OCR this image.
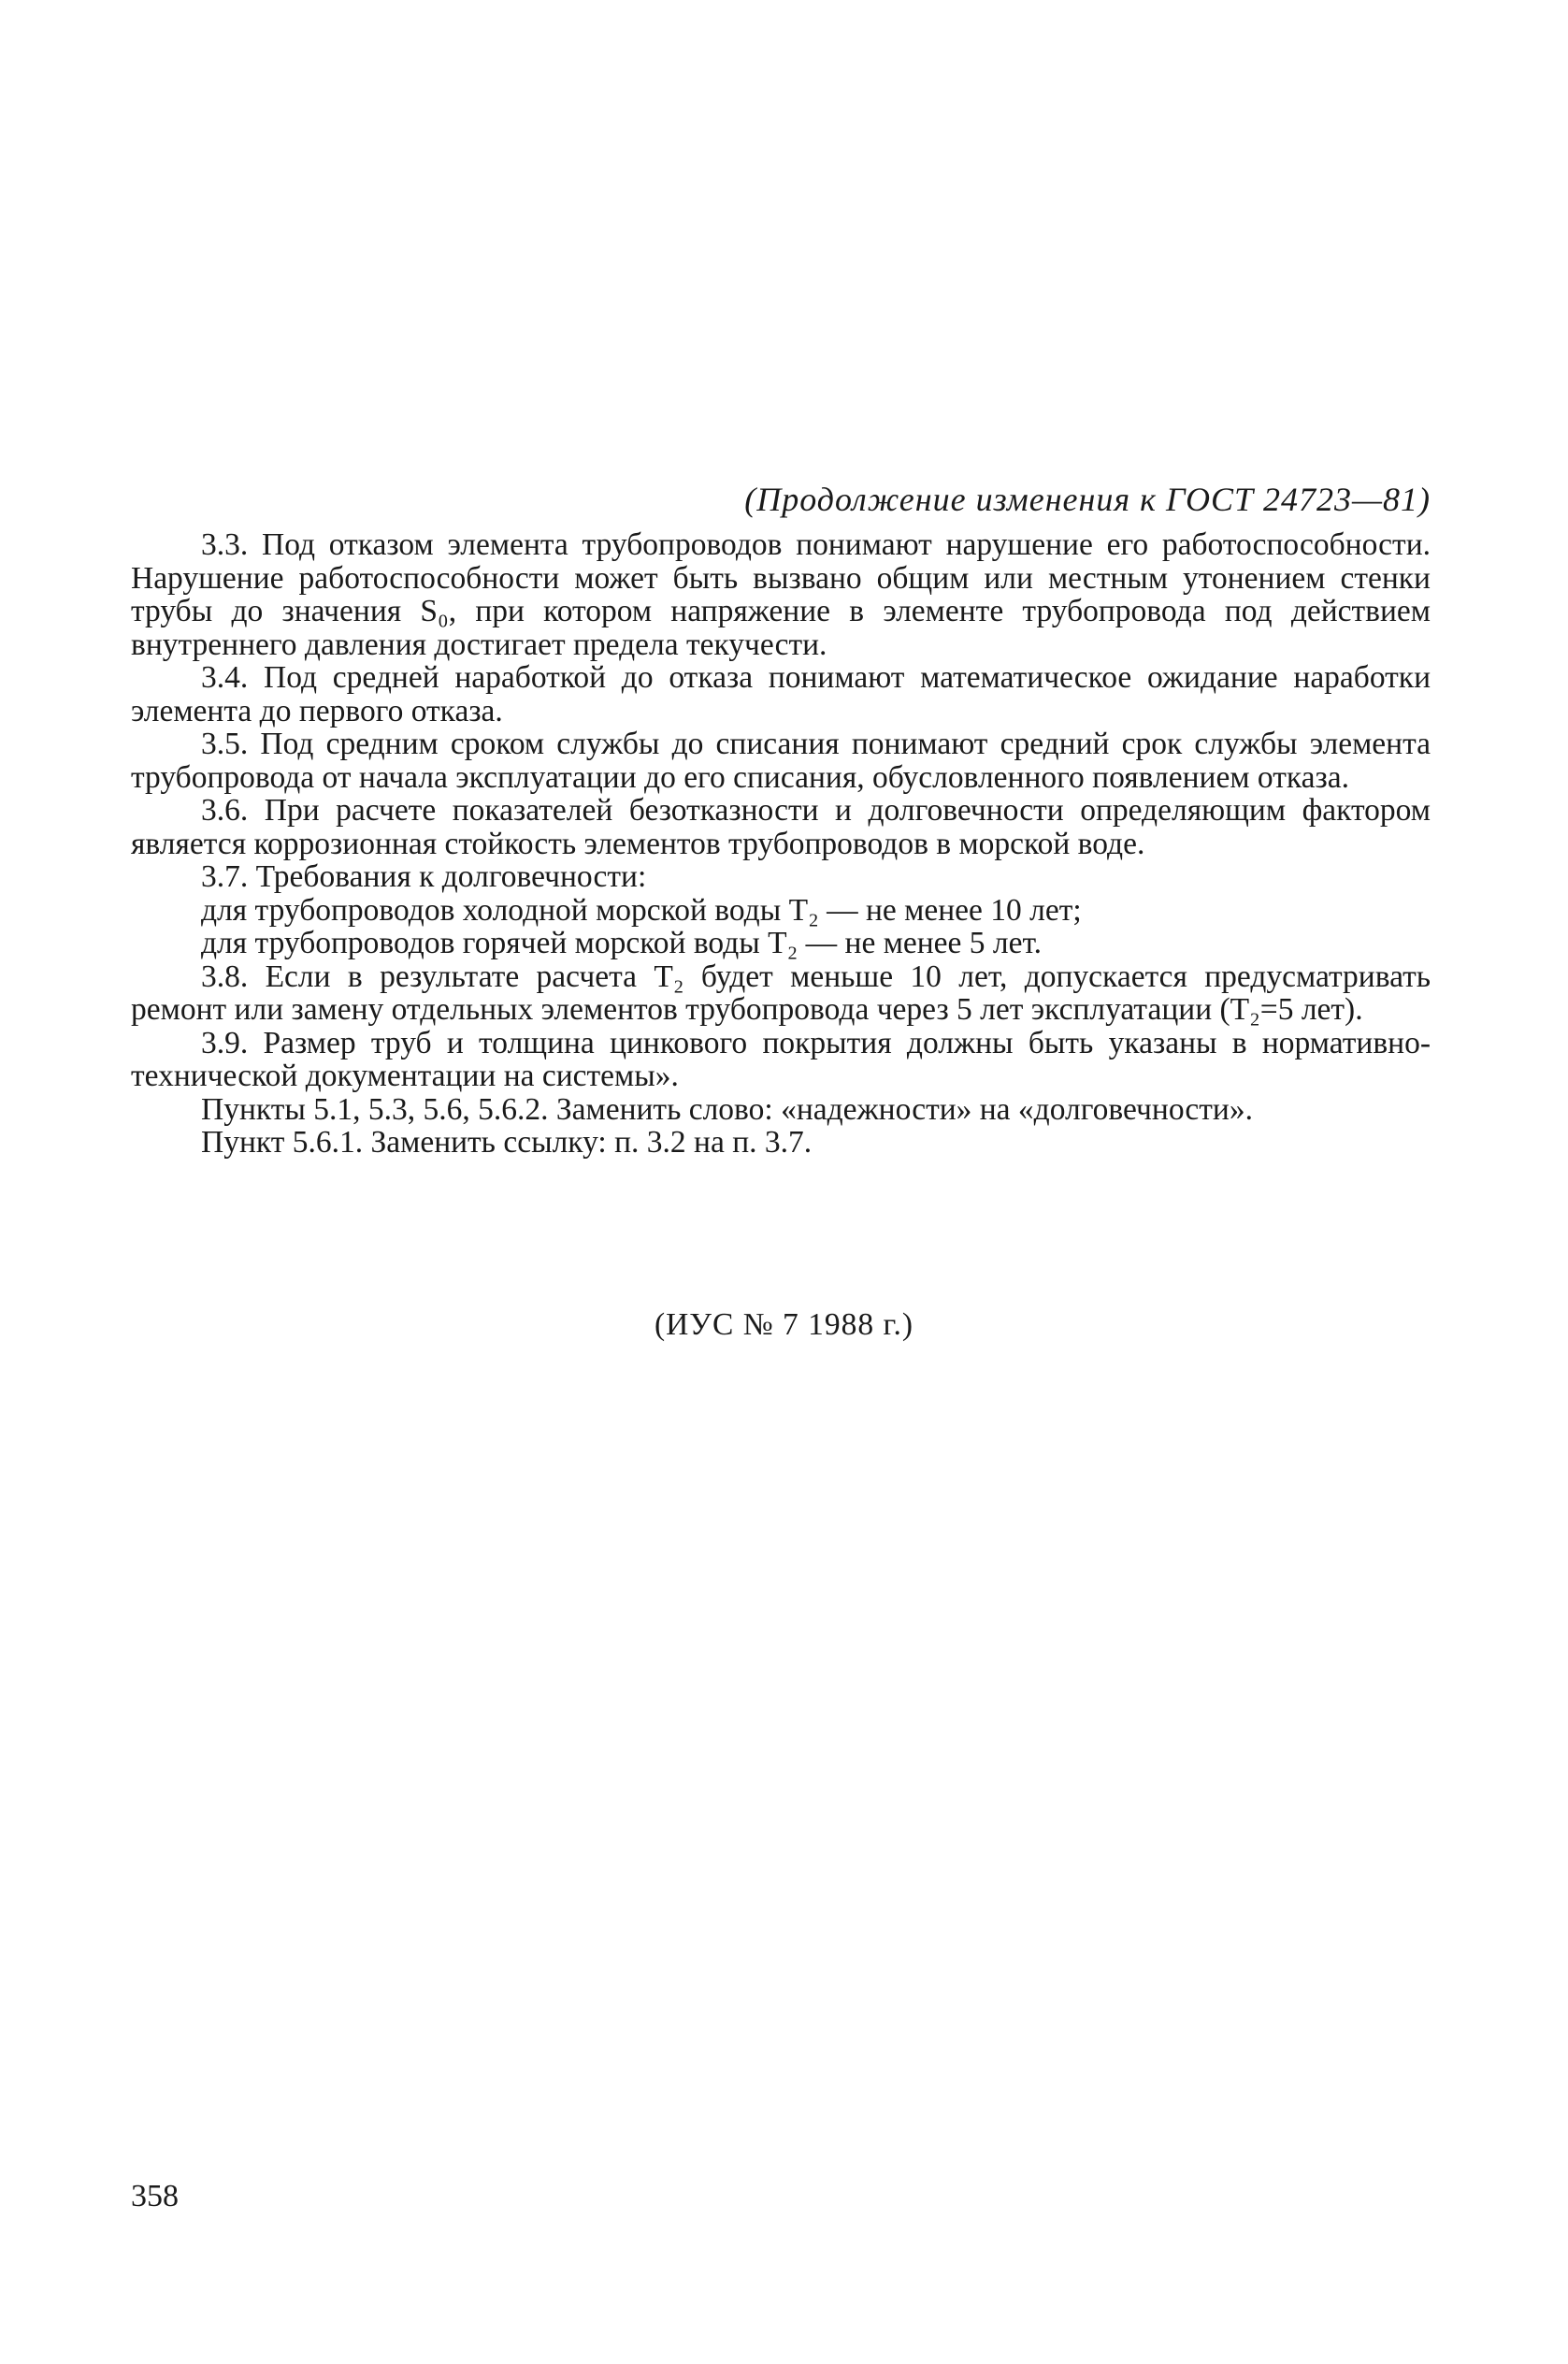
(Продолжение изменения к ГОСТ 24723—81)

3.3. Под отказом элемента трубопроводов понимают нарушение его работоспособности. Нарушение работоспособности может быть вызвано общим или местным утонением стенки трубы до значения S₀, при котором напряжение в элементе трубопровода под действием внутреннего давления достигает предела текучести.

3.4. Под средней наработкой до отказа понимают математическое ожидание наработки элемента до первого отказа.

3.5. Под средним сроком службы до списания понимают средний срок службы элемента трубопровода от начала эксплуатации до его списания, обусловленного появлением отказа.

3.6. При расчете показателей безотказности и долговечности определяющим фактором является коррозионная стойкость элементов трубопроводов в морской воде.

3.7. Требования к долговечности:

для трубопроводов холодной морской воды T₂ — не менее 10 лет;

для трубопроводов горячей морской воды T₂ — не менее 5 лет.

3.8. Если в результате расчета T₂ будет меньше 10 лет, допускается предусматривать ремонт или замену отдельных элементов трубопровода через 5 лет эксплуатации (T₂=5 лет).

3.9. Размер труб и толщина цинкового покрытия должны быть указаны в нормативно-технической документации на системы».

Пункты 5.1, 5.3, 5.6, 5.6.2. Заменить слово: «надежности» на «долговечности».

Пункт 5.6.1. Заменить ссылку: п. 3.2 на п. 3.7.

(ИУС № 7 1988 г.)
358
